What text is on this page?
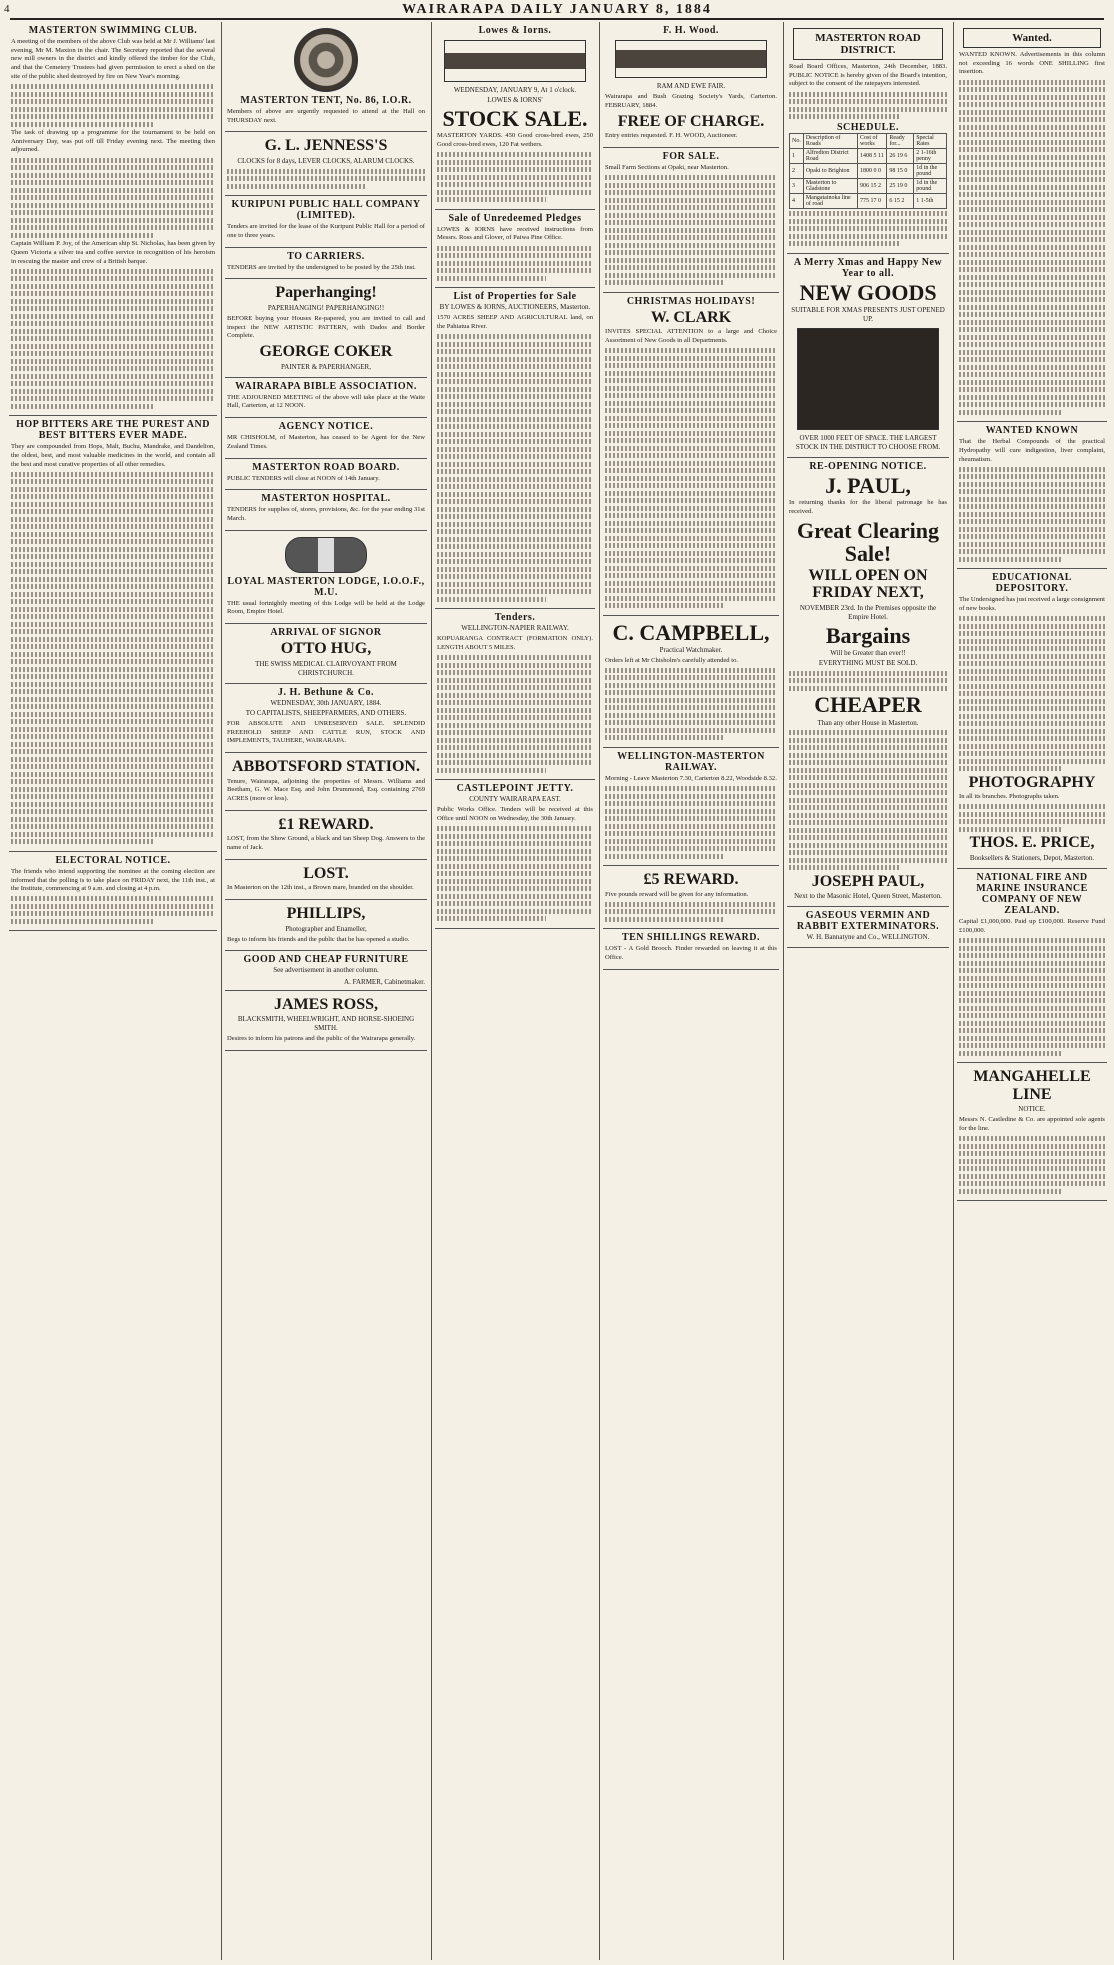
4	WAIRARAPA DAILY JANUARY 8, 1884
MASTERTON SWIMMING CLUB.
A meeting of the members of the above Club was held at Mr J. Williams' last evening, Mr M. Maxton in the chair. The Secretary reported that the several new mill owners in the district and kindly offered the timber for the Club, and that the Cemetery Trustees had given permission to erect a shed on the site of the public shed destroyed by fire on New Year's morning.
The task of drawing up a programme for the tournament to be held on Anniversary Day, was put off till Friday evening next. The meeting then adjourned.
Captain William P. Joy, of the American ship St. Nicholas, has been given by Queen Victoria a silver tea and coffee service in recognition of his heroism in rescuing the master and crew of a British barque.
HOP BITTERS ARE THE PUREST AND BEST BITTERS EVER MADE.
They are compounded from Hops, Malt, Buchu, Mandrake, and Dandelion, the oldest, best, and most valuable medicines in the world, and contain all the best and most curative properties of all other remedies.
ELECTORAL NOTICE.
The friends who intend supporting the nominee at the coming election are informed that the polling is to take place on FRIDAY next, the 11th inst., at the Institute, commencing at 9 a.m. and closing at 4 p.m.
MASTERTON TENT, No. 86, I.O.R.
Members of above are urgently requested to attend at the Hall on THURSDAY next.
G. L. JENNESS'S
CLOCKS for 8 days, LEVER CLOCKS, ALARUM CLOCKS.
KURIPUNI PUBLIC HALL COMPANY (LIMITED).
Tenders are invited for the lease of the Kuripuni Public Hall for a period of one to three years.
TO CARRIERS.
TENDERS are invited by the undersigned to be posted by the 25th inst.
Paperhanging!
PAPERHANGING! PAPERHANGING!!
BEFORE buying your Houses Re-papered, you are invited to call and inspect the NEW ARTISTIC PATTERN, with Dados and Border Complete.
GEORGE COKER
PAINTER & PAPERHANGER,
WAIRARAPA BIBLE ASSOCIATION.
THE ADJOURNED MEETING of the above will take place at the Waite Hall, Carterton, at 12 NOON.
AGENCY NOTICE.
MR CHISHOLM, of Masterton, has ceased to be Agent for the New Zealand Times.
MASTERTON ROAD BOARD.
PUBLIC TENDERS will close at NOON of 14th January.
MASTERTON HOSPITAL.
TENDERS for supplies of, stores, provisions, &c. for the year ending 31st March.
LOYAL MASTERTON LODGE, I.O.O.F., M.U.
THE usual fortnightly meeting of this Lodge will be held at the Lodge Room, Empire Hotel.
ARRIVAL OF SIGNOR
OTTO HUG,
THE SWISS MEDICAL CLAIRVOYANT FROM CHRISTCHURCH.
J. H. Bethune & Co.
WEDNESDAY, 30th JANUARY, 1884.
TO CAPITALISTS, SHEEPFARMERS, AND OTHERS.
FOR ABSOLUTE AND UNRESERVED SALE. SPLENDID FREEHOLD SHEEP AND CATTLE RUN, STOCK AND IMPLEMENTS, TAUHERE, WAIRARAPA.
ABBOTSFORD STATION.
Tenure, Wairarapa, adjoining the properties of Messrs. Williams and Beetham, G. W. Mace Esq. and John Drummond, Esq. containing 2769 ACRES (more or less).
£1 REWARD.
LOST, from the Show Ground, a black and tan Sheep Dog. Answers to the name of Jack.
LOST.
In Masterton on the 12th inst., a Brown mare, branded on the shoulder.
PHILLIPS,
Photographer and Enameller,
Begs to inform his friends and the public that he has opened a studio.
GOOD AND CHEAP FURNITURE
See advertisement in another column.
A. FARMER, Cabinetmaker.
JAMES ROSS,
BLACKSMITH, WHEELWRIGHT, AND HORSE-SHOEING SMITH.
Desires to inform his patrons and the public of the Wairarapa generally.
Lowes & Iorns.
WEDNESDAY, JANUARY 9, At 1 o'clock.
LOWES & IORNS'
STOCK SALE.
MASTERTON YARDS. 450 Good cross-bred ewes, 250 Good cross-bred ewes, 120 Fat wethers.
Sale of Unredeemed Pledges
LOWES & IORNS have received instructions from Messrs. Ross and Glover, of Paiwa Pine Office.
List of Properties for Sale
BY LOWES & IORNS, AUCTIONEERS, Masterton.
1570 ACRES SHEEP AND AGRICULTURAL land, on the Pahiatua River.
Tenders.
WELLINGTON-NAPIER RAILWAY.
KOPUARANGA CONTRACT (FORMATION ONLY). LENGTH ABOUT 5 MILES.
CASTLEPOINT JETTY.
COUNTY WAIRARAPA EAST.
Public Works Office. Tenders will be received at this Office until NOON on Wednesday, the 30th January.
F. H. Wood.
RAM AND EWE FAIR.
Wairarapa and Bush Grazing Society's Yards, Carterton. FEBRUARY, 1884.
FREE OF CHARGE.
Entry entries requested. F. H. WOOD, Auctioneer.
FOR SALE.
Small Farm Sections at Opaki, near Masterton.
CHRISTMAS HOLIDAYS!
W. CLARK
INVITES SPECIAL ATTENTION to a large and Choice Assortment of New Goods in all Departments.
C. CAMPBELL,
Practical Watchmaker.
Orders left at Mr Chisholm's carefully attended to.
WELLINGTON-MASTERTON RAILWAY.
Morning - Leave Masterton 7.30, Carterton 8.22, Woodside 8.32.
£5 REWARD.
Five pounds reward will be given for any information.
TEN SHILLINGS REWARD.
LOST - A Gold Brooch. Finder rewarded on leaving it at this Office.
MASTERTON ROAD DISTRICT.
Road Board Offices, Masterton, 24th December, 1883. PUBLIC NOTICE is hereby given of the Board's intention, subject to the consent of the ratepayers interested.
SCHEDULE.
No.	Description of Roads	Cost of works	Ready for...	Special Rates
1	Alfredton District Road	1408 5 11	26 19 6	2 1-16th penny
2	Opaki to Brighton	1800 0 0	98 15 0	1d in the pound
3	Masterton to Gladstone	906 15 2	25 19 0	1d in the pound
4	Mangatainoka line of road	775 17 0	6 15 2	1 1-5th
A Merry Xmas and Happy New Year to all.
NEW GOODS
SUITABLE FOR XMAS PRESENTS JUST OPENED UP.
OVER 1000 FEET OF SPACE. THE LARGEST STOCK IN THE DISTRICT TO CHOOSE FROM.
RE-OPENING NOTICE.
J. PAUL,
In returning thanks for the liberal patronage he has received.
Great Clearing Sale!
WILL OPEN ON FRIDAY NEXT,
NOVEMBER 23rd. In the Premises opposite the Empire Hotel.
Bargains
Will be Greater than ever!!
EVERYTHING MUST BE SOLD.
CHEAPER
Than any other House in Masterton.
JOSEPH PAUL,
Next to the Masonic Hotel, Queen Street, Masterton.
GASEOUS VERMIN AND RABBIT EXTERMINATORS.
W. H. Bannatyne and Co., WELLINGTON.
Wanted.
WANTED KNOWN. Advertisements in this column not exceeding 16 words ONE SHILLING first insertion.
WANTED KNOWN
That the Herbal Compounds of the practical Hydropathy will cure indigestion, liver complaint, rheumatism.
EDUCATIONAL DEPOSITORY.
The Undersigned has just received a large consignment of new books.
PHOTOGRAPHY
In all its branches. Photographs taken.
THOS. E. PRICE,
Booksellers & Stationers, Depot, Masterton.
NATIONAL FIRE AND MARINE INSURANCE COMPANY OF NEW ZEALAND.
Capital £1,000,000. Paid up £100,000. Reserve Fund £100,000.
MANGAHELLE LINE
NOTICE.
Messrs N. Castledine & Co. are appointed sole agents for the line.
